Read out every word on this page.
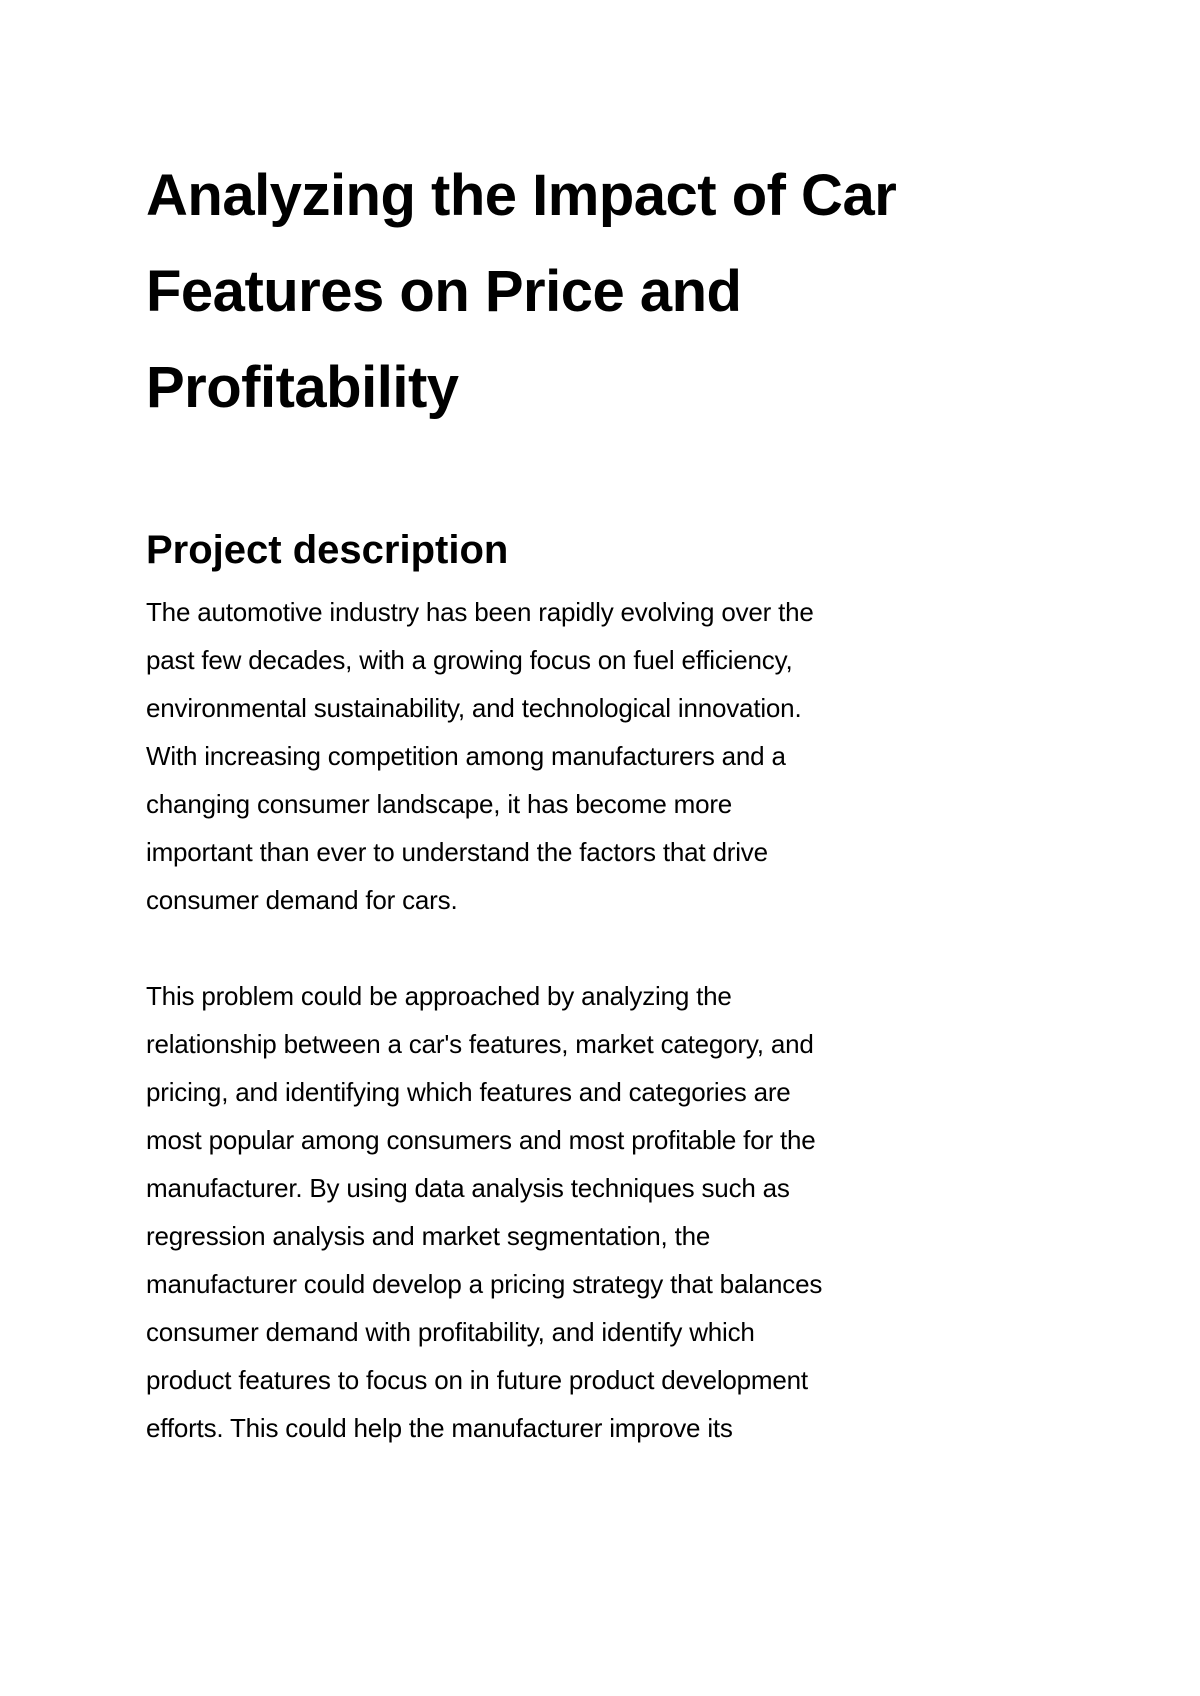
Analyzing the Impact of Car
Features on Price and
Profitability
Project description

The automotive industry has been rapidly evolving over the
past few decades, with a growing focus on fuel efficiency,
environmental sustainability, and technological innovation.
With increasing competition among manufacturers and a
changing consumer landscape, it has become more
important than ever to understand the factors that drive
consumer demand for cars.

This problem could be approached by analyzing the
relationship between a car's features, market category, and
pricing, and identifying which features and categories are
most popular among consumers and most profitable for the
manufacturer. By using data analysis techniques such as
regression analysis and market segmentation, the
manufacturer could develop a pricing strategy that balances
consumer demand with profitability, and identify which
product features to focus on in future product development
efforts. This could help the manufacturer improve its
